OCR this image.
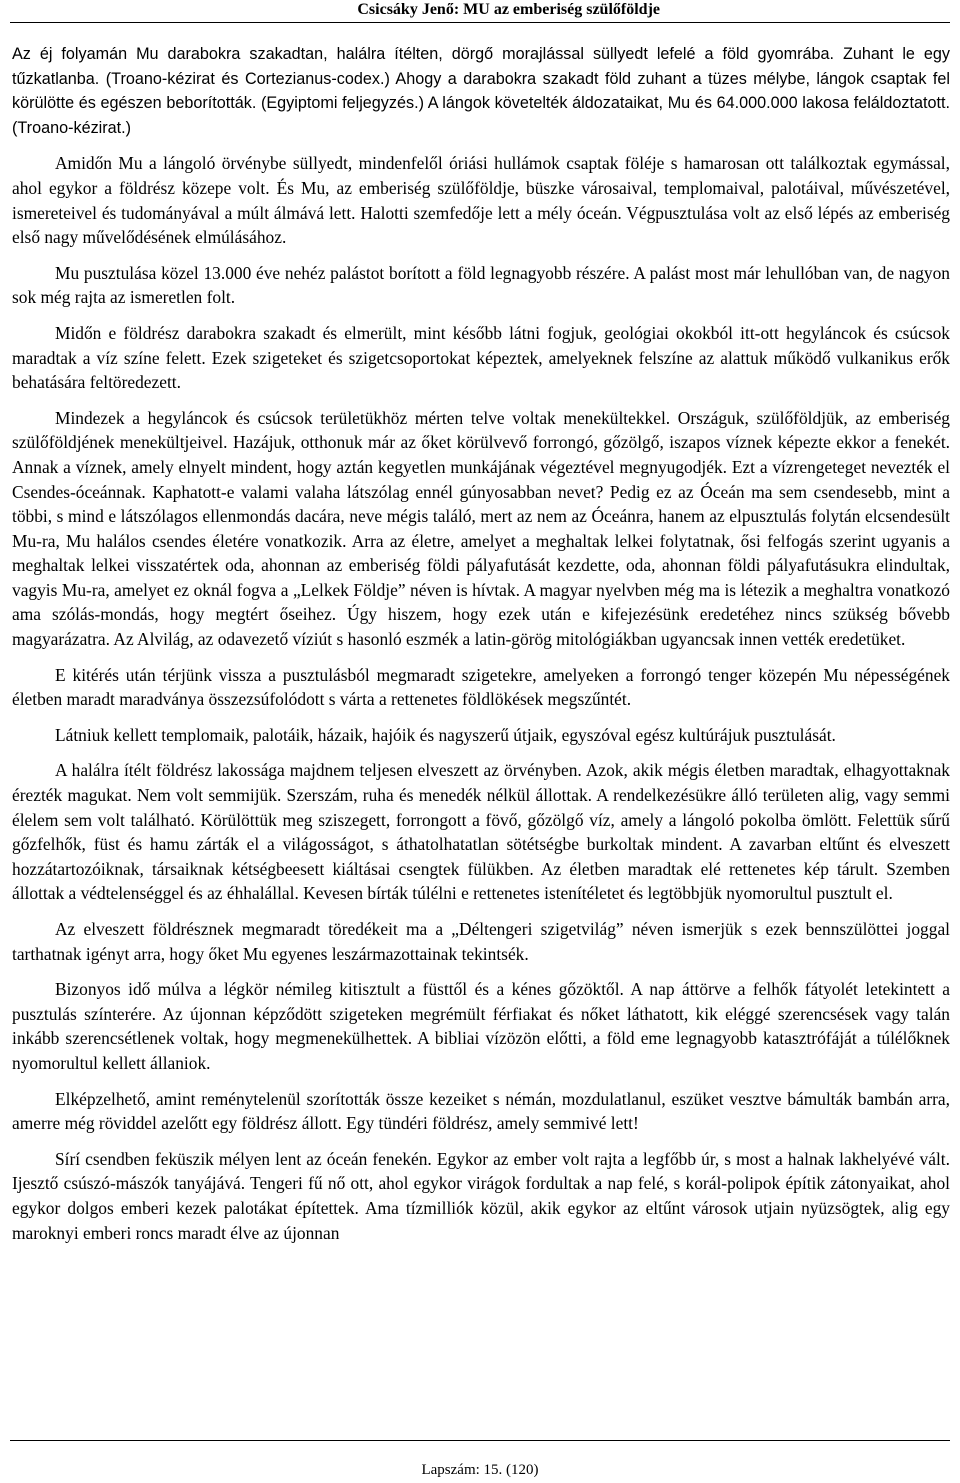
Csicsáky Jenő: MU az emberiség szülőföldje

Az éj folyamán Mu darabokra szakadtan, halálra ítélten, dörgő morajlással süllyedt lefelé a föld gyomrába. Zuhant le egy tűzkatlanba. (Troano-kézirat és Cortezianus-codex.) Ahogy a darabokra szakadt föld zuhant a tüzes mélybe, lángok csaptak fel körülötte és egészen beborították. (Egyiptomi feljegyzés.) A lángok követelték áldozataikat, Mu és 64.000.000 lakosa feláldoztatott. (Troano-kézirat.)

Amidőn Mu a lángoló örvénybe süllyedt, mindenfelől óriási hullámok csaptak föléje s hamarosan ott találkoztak egymással, ahol egykor a földrész közepe volt. És Mu, az emberiség szülőföldje, büszke városaival, templomaival, palotáival, művészetével, ismereteivel és tudományával a múlt álmává lett. Halotti szemfedője lett a mély óceán. Végpusztulása volt az első lépés az emberiség első nagy művelődésének elmúlásához.

Mu pusztulása közel 13.000 éve nehéz palástot borított a föld legnagyobb részére. A palást most már lehullóban van, de nagyon sok még rajta az ismeretlen folt.

Midőn e földrész darabokra szakadt és elmerült, mint később látni fogjuk, geológiai okokból itt-ott hegyláncok és csúcsok maradtak a víz színe felett. Ezek szigeteket és szigetcsoportokat képeztek, amelyeknek felszíne az alattuk működő vulkanikus erők behatására feltöredezett.

Mindezek a hegyláncok és csúcsok területükhöz mérten telve voltak menekültekkel. Országuk, szülőföldjük, az emberiség szülőföldjének menekültjeivel. Hazájuk, otthonuk már az őket körülvevő forrongó, gőzölgő, iszapos víznek képezte ekkor a fenekét. Annak a víznek, amely elnyelt mindent, hogy aztán kegyetlen munkájának végeztével megnyugodjék. Ezt a vízrengeteget nevezték el Csendes-óceánnak. Kaphatott-e valami valaha látszólag ennél gúnyosabban nevet? Pedig ez az Óceán ma sem csendesebb, mint a többi, s mind e látszólagos ellenmondás dacára, neve mégis találó, mert az nem az Óceánra, hanem az elpusztulás folytán elcsendesült Mu-ra, Mu halálos csendes életére vonatkozik. Arra az életre, amelyet a meghaltak lelkei folytatnak, ősi felfogás szerint ugyanis a meghaltak lelkei visszatértek oda, ahonnan az emberiség földi pályafutását kezdette, oda, ahonnan földi pályafutásukra elindultak, vagyis Mu-ra, amelyet ez oknál fogva a „Lelkek Földje” néven is hívtak. A magyar nyelvben még ma is létezik a meghaltra vonatkozó ama szólás-mondás, hogy megtért őseihez. Úgy hiszem, hogy ezek után e kifejezésünk eredetéhez nincs szükség bővebb magyarázatra. Az Alvilág, az odavezető víziút s hasonló eszmék a latin-görög mitológiákban ugyancsak innen vették eredetüket.

E kitérés után térjünk vissza a pusztulásból megmaradt szigetekre, amelyeken a forrongó tenger közepén Mu népességének életben maradt maradványa összezsúfolódott s várta a rettenetes földlökések megszűntét.

Látniuk kellett templomaik, palotáik, házaik, hajóik és nagyszerű útjaik, egyszóval egész kultúrájuk pusztulását.

A halálra ítélt földrész lakossága majdnem teljesen elveszett az örvényben. Azok, akik mégis életben maradtak, elhagyottaknak érezték magukat. Nem volt semmijük. Szerszám, ruha és menedék nélkül állottak. A rendelkezésükre álló területen alig, vagy semmi élelem sem volt található. Körülöttük meg sziszegett, forrongott a fövő, gőzölgő víz, amely a lángoló pokolba ömlött. Felettük sűrű gőzfelhők, füst és hamu zárták el a világosságot, s áthatolhatatlan sötétségbe burkoltak mindent. A zavarban eltűnt és elveszett hozzátartozóiknak, társaiknak kétségbeesett kiáltásai csengtek fülükben. Az életben maradtak elé rettenetes kép tárult. Szemben állottak a védtelenséggel és az éhhalállal. Kevesen bírták túlélni e rettenetes istenítéletet és legtöbbjük nyomorultul pusztult el.

Az elveszett földrésznek megmaradt töredékeit ma a „Déltengeri szigetvilág” néven ismerjük s ezek bennszülöttei joggal tarthatnak igényt arra, hogy őket Mu egyenes leszármazottainak tekintsék.

Bizonyos idő múlva a légkör némileg kitisztult a füsttől és a kénes gőzöktől. A nap áttörve a felhők fátyolét letekintett a pusztulás színterére. Az újonnan képződött szigeteken megrémült férfiakat és nőket láthatott, kik eléggé szerencsések vagy talán inkább szerencsétlenek voltak, hogy megmenekülhettek. A bibliai vízözön előtti, a föld eme legnagyobb katasztrófáját a túlélőknek nyomorultul kellett állaniok.

Elképzelhető, amint reménytelenül szorították össze kezeiket s némán, mozdulatlanul, eszüket vesztve bámulták bambán arra, amerre még röviddel azelőtt egy földrész állott. Egy tündéri földrész, amely semmivé lett!

Sírí csendben feküszik mélyen lent az óceán fenekén. Egykor az ember volt rajta a legfőbb úr, s most a halnak lakhelyévé vált. Ijesztő csúszó-mászók tanyájává. Tengeri fű nő ott, ahol egykor virágok fordultak a nap felé, s korál-polipok építik zátonyaikat, ahol egykor dolgos emberi kezek palotákat építettek. Ama tízmilliók közül, akik egykor az eltűnt városok utjain nyüzsögtek, alig egy maroknyi emberi roncs maradt élve az újonnan

Lapszám: 15. (120)
